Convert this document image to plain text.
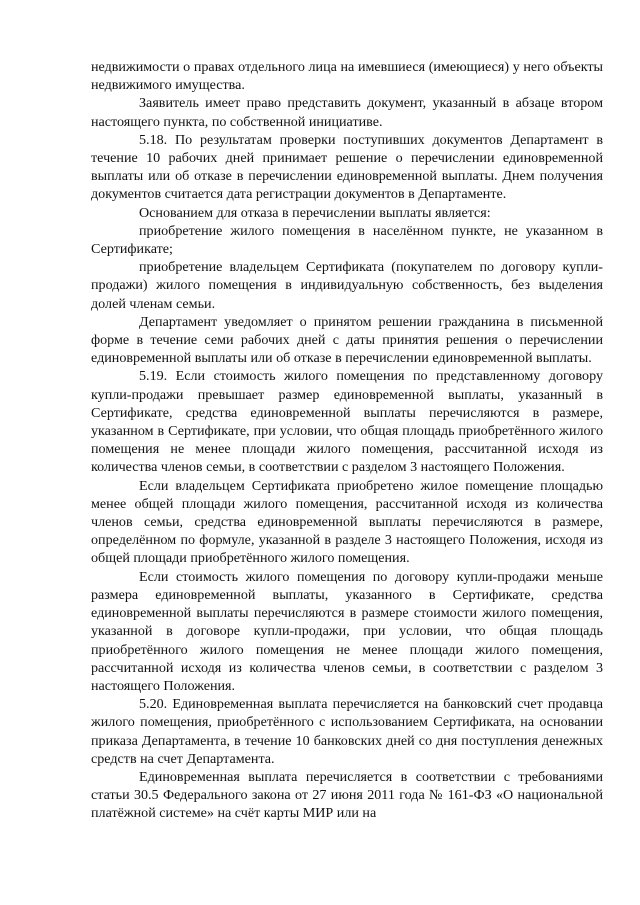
недвижимости о правах отдельного лица на имевшиеся (имеющиеся) у него объекты недвижимого имущества.

Заявитель имеет право представить документ, указанный в абзаце втором настоящего пункта, по собственной инициативе.

5.18. По результатам проверки поступивших документов Департамент в течение 10 рабочих дней принимает решение о перечислении единовременной выплаты или об отказе в перечислении единовременной выплаты. Днем получения документов считается дата регистрации документов в Департаменте.

Основанием для отказа в перечислении выплаты является:

приобретение жилого помещения в населённом пункте, не указанном в Сертификате;

приобретение владельцем Сертификата (покупателем по договору купли-продажи) жилого помещения в индивидуальную собственность, без выделения долей членам семьи.

Департамент уведомляет о принятом решении гражданина в письменной форме в течение семи рабочих дней с даты принятия решения о перечислении единовременной выплаты или об отказе в перечислении единовременной выплаты.

5.19. Если стоимость жилого помещения по представленному договору купли-продажи превышает размер единовременной выплаты, указанный в Сертификате, средства единовременной выплаты перечисляются в размере, указанном в Сертификате, при условии, что общая площадь приобретённого жилого помещения не менее площади жилого помещения, рассчитанной исходя из количества членов семьи, в соответствии с разделом 3 настоящего Положения.

Если владельцем Сертификата приобретено жилое помещение площадью менее общей площади жилого помещения, рассчитанной исходя из количества членов семьи, средства единовременной выплаты перечисляются в размере, определённом по формуле, указанной в разделе 3 настоящего Положения, исходя из общей площади приобретённого жилого помещения.

Если стоимость жилого помещения по договору купли-продажи меньше размера единовременной выплаты, указанного в Сертификате, средства единовременной выплаты перечисляются в размере стоимости жилого помещения, указанной в договоре купли-продажи, при условии, что общая площадь приобретённого жилого помещения не менее площади жилого помещения, рассчитанной исходя из количества членов семьи, в соответствии с разделом 3 настоящего Положения.

5.20. Единовременная выплата перечисляется на банковский счет продавца жилого помещения, приобретённого с использованием Сертификата, на основании приказа Департамента, в течение 10 банковских дней со дня поступления денежных средств на счет Департамента.

Единовременная выплата перечисляется в соответствии с требованиями статьи 30.5 Федерального закона от 27 июня 2011 года № 161-ФЗ «О национальной платёжной системе» на счёт карты МИР или на
